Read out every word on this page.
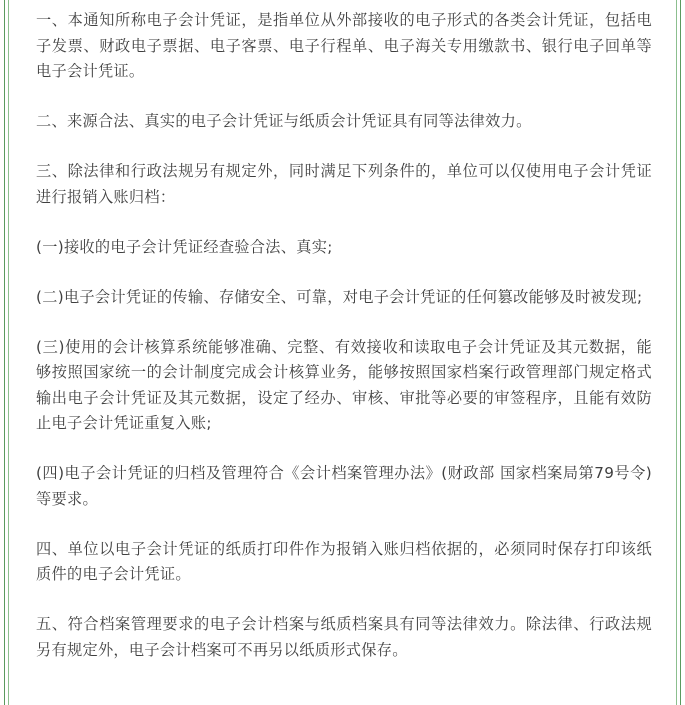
一、本通知所称电子会计凭证，是指单位从外部接收的电子形式的各类会计凭证，包括电子发票、财政电子票据、电子客票、电子行程单、电子海关专用缴款书、银行电子回单等电子会计凭证。

二、来源合法、真实的电子会计凭证与纸质会计凭证具有同等法律效力。

三、除法律和行政法规另有规定外，同时满足下列条件的，单位可以仅使用电子会计凭证进行报销入账归档：

(一)接收的电子会计凭证经查验合法、真实;

(二)电子会计凭证的传输、存储安全、可靠，对电子会计凭证的任何篡改能够及时被发现;

(三)使用的会计核算系统能够准确、完整、有效接收和读取电子会计凭证及其元数据，能够按照国家统一的会计制度完成会计核算业务，能够按照国家档案行政管理部门规定格式输出电子会计凭证及其元数据，设定了经办、审核、审批等必要的审签程序，且能有效防止电子会计凭证重复入账;

(四)电子会计凭证的归档及管理符合《会计档案管理办法》(财政部 国家档案局第79号令)等要求。

四、单位以电子会计凭证的纸质打印件作为报销入账归档依据的，必须同时保存打印该纸质件的电子会计凭证。

五、符合档案管理要求的电子会计档案与纸质档案具有同等法律效力。除法律、行政法规另有规定外，电子会计档案可不再另以纸质形式保存。
